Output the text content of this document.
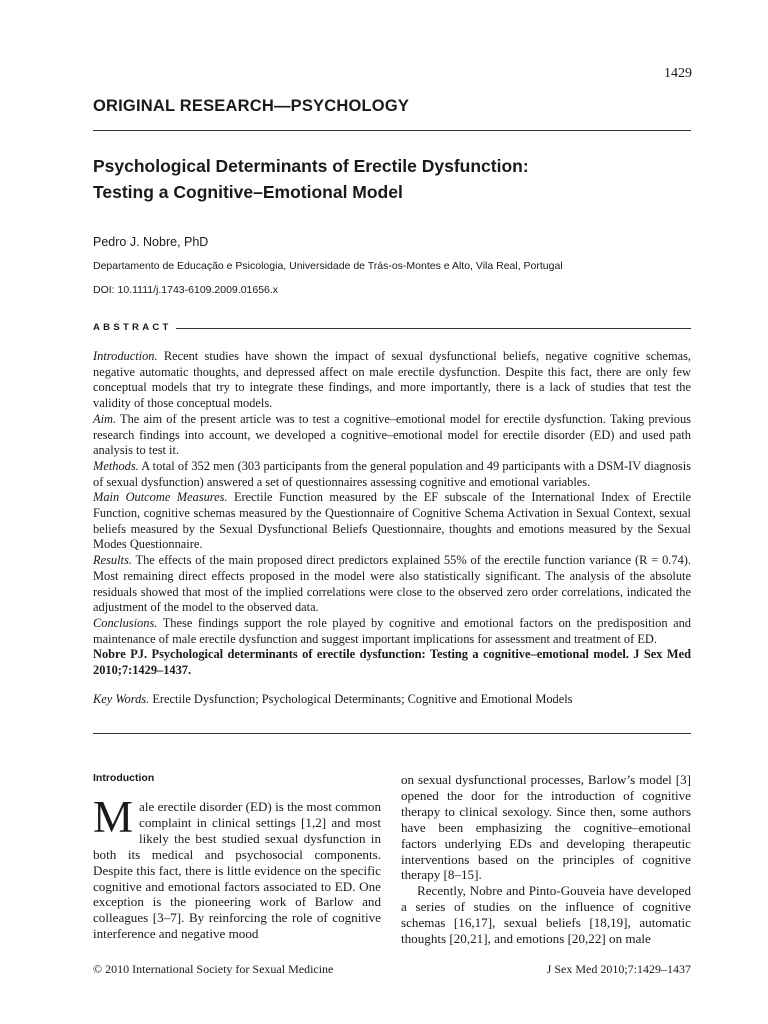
1429
ORIGINAL RESEARCH—PSYCHOLOGY
Psychological Determinants of Erectile Dysfunction:
Testing a Cognitive–Emotional Model
Pedro J. Nobre, PhD
Departamento de Educação e Psicologia, Universidade de Trás-os-Montes e Alto, Vila Real, Portugal
DOI: 10.1111/j.1743-6109.2009.01656.x
ABSTRACT

Introduction. Recent studies have shown the impact of sexual dysfunctional beliefs, negative cognitive schemas, negative automatic thoughts, and depressed affect on male erectile dysfunction. Despite this fact, there are only few conceptual models that try to integrate these findings, and more importantly, there is a lack of studies that test the validity of those conceptual models.

Aim. The aim of the present article was to test a cognitive–emotional model for erectile dysfunction. Taking previous research findings into account, we developed a cognitive–emotional model for erectile disorder (ED) and used path analysis to test it.

Methods. A total of 352 men (303 participants from the general population and 49 participants with a DSM-IV diagnosis of sexual dysfunction) answered a set of questionnaires assessing cognitive and emotional variables.

Main Outcome Measures. Erectile Function measured by the EF subscale of the International Index of Erectile Function, cognitive schemas measured by the Questionnaire of Cognitive Schema Activation in Sexual Context, sexual beliefs measured by the Sexual Dysfunctional Beliefs Questionnaire, thoughts and emotions measured by the Sexual Modes Questionnaire.

Results. The effects of the main proposed direct predictors explained 55% of the erectile function variance (R = 0.74). Most remaining direct effects proposed in the model were also statistically significant. The analysis of the absolute residuals showed that most of the implied correlations were close to the observed zero order correlations, indicated the adjustment of the model to the observed data.

Conclusions. These findings support the role played by cognitive and emotional factors on the predisposition and maintenance of male erectile dysfunction and suggest important implications for assessment and treatment of ED.

Nobre PJ. Psychological determinants of erectile dysfunction: Testing a cognitive–emotional model. J Sex Med 2010;7:1429–1437.

Key Words. Erectile Dysfunction; Psychological Determinants; Cognitive and Emotional Models

Introduction

Male erectile disorder (ED) is the most common complaint in clinical settings [1,2] and most likely the best studied sexual dysfunction in both its medical and psychosocial components. Despite this fact, there is little evidence on the specific cognitive and emotional factors associated to ED. One exception is the pioneering work of Barlow and colleagues [3–7]. By reinforcing the role of cognitive interference and negative mood

on sexual dysfunctional processes, Barlow’s model [3] opened the door for the introduction of cognitive therapy to clinical sexology. Since then, some authors have been emphasizing the cognitive–emotional factors underlying EDs and developing therapeutic interventions based on the principles of cognitive therapy [8–15].

Recently, Nobre and Pinto-Gouveia have developed a series of studies on the influence of cognitive schemas [16,17], sexual beliefs [18,19], automatic thoughts [20,21], and emotions [20,22] on male

© 2010 International Society for Sexual Medicine	J Sex Med 2010;7:1429–1437
